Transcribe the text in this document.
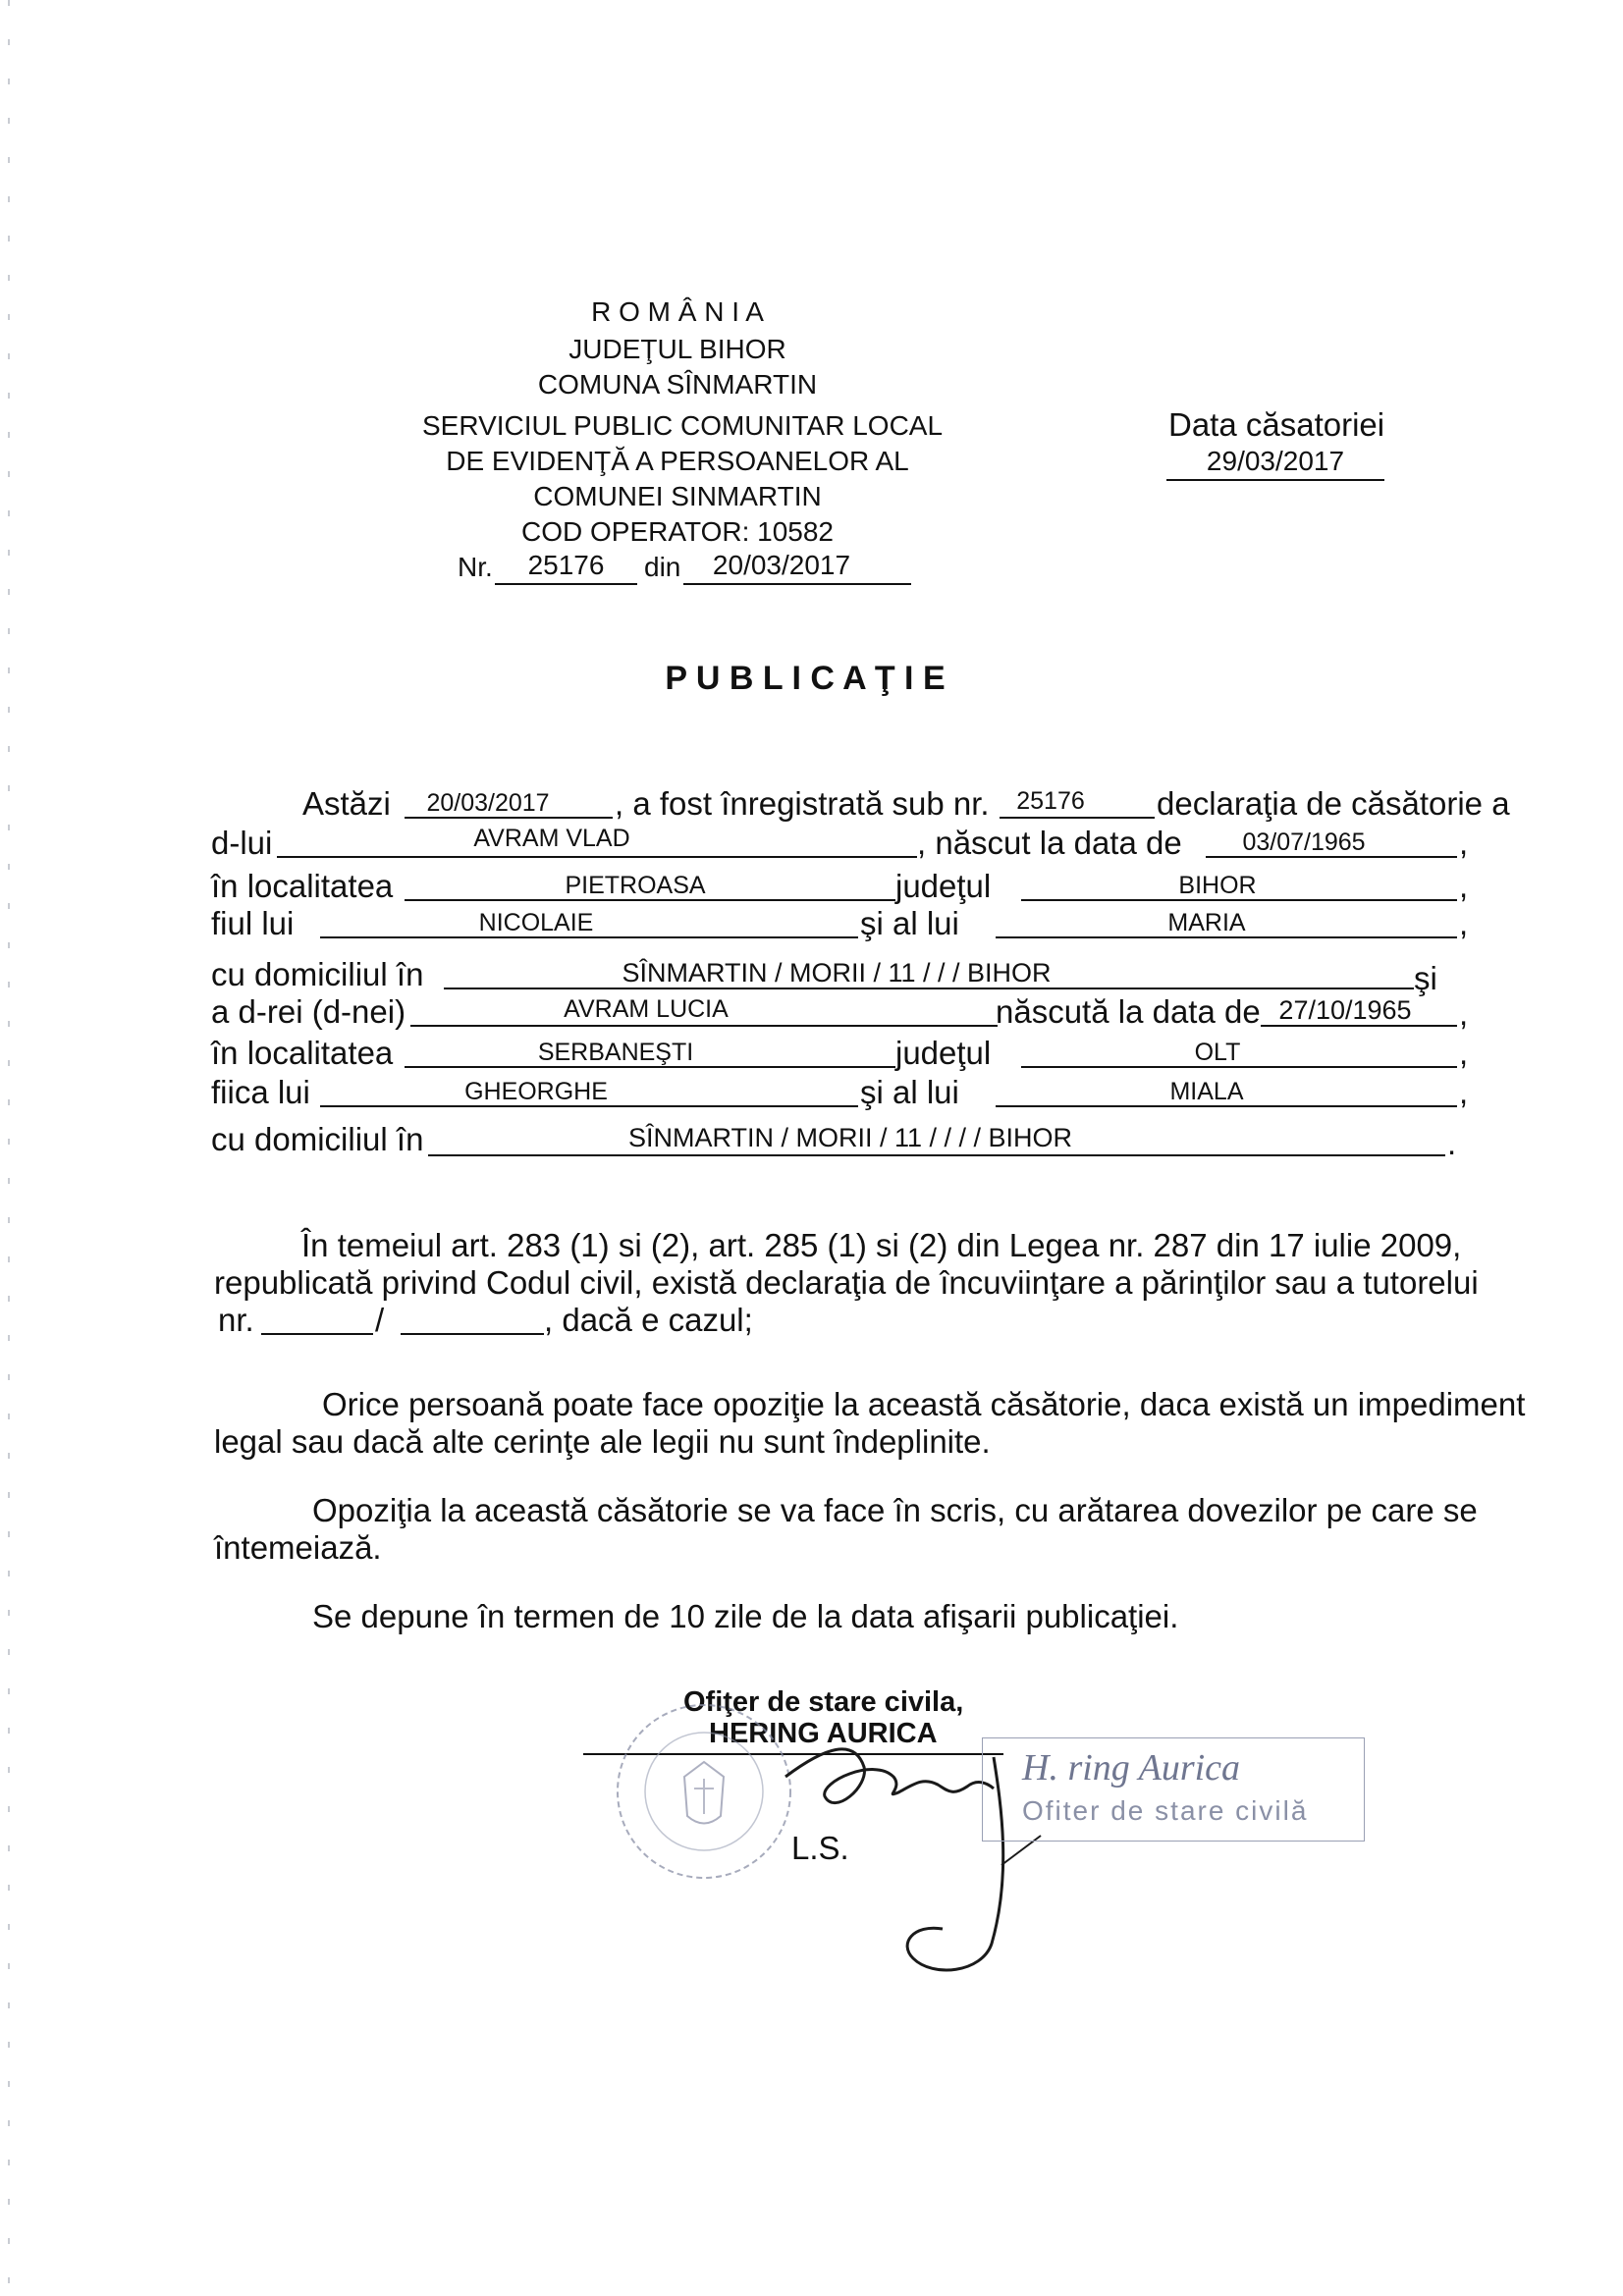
R O M Â N I A
JUDEŢUL BIHOR
COMUNA SÎNMARTIN
SERVICIUL PUBLIC COMUNITAR LOCAL
DE EVIDENŢĂ A PERSOANELOR AL
COMUNEI SINMARTIN
COD OPERATOR: 10582
Nr.	25176	din	20/03/2017
Data căsatoriei
29/03/2017
P U B L I C A Ţ I E
Astăzi	20/03/2017	, a fost înregistrată sub nr.	25176	declaraţia de căsătorie a
d-lui	AVRAM VLAD	, născut la data de	03/07/1965	,
în localitatea	PIETROASA	judeţul	BIHOR	,
fiul lui	NICOLAIE	şi al lui	MARIA	,
cu domiciliul în	SÎNMARTIN / MORII / 11 / / / BIHOR	şi
a d-rei (d-nei)	AVRAM LUCIA	născută la data de 27/10/1965	,
în localitatea	SERBANEŞTI	judeţul	OLT	,
fiica lui	GHEORGHE	şi al lui	MIALA	,
cu domiciliul în	SÎNMARTIN / MORII / 11 / / / / BIHOR	.
În temeiul art. 283 (1) si (2), art. 285 (1) si (2) din Legea nr. 287 din 17 iulie 2009,
republicată privind Codul civil, există declaraţia de încuviinţare a părinţilor sau a tutorelui
nr.	/	, dacă e cazul;
Orice persoană poate face opoziţie la această căsătorie, daca există un impediment
legal sau dacă alte cerinţe ale legii nu sunt îndeplinite.
Opoziţia la această căsătorie se va face în scris, cu arătarea dovezilor pe care se
întemeiază.
Se depune în termen de 10 zile de la data afişarii publicaţiei.
Ofiţer de stare civila,
HERING AURICA
H. ring Aurica
Ofiter de stare civilă
L.S.
